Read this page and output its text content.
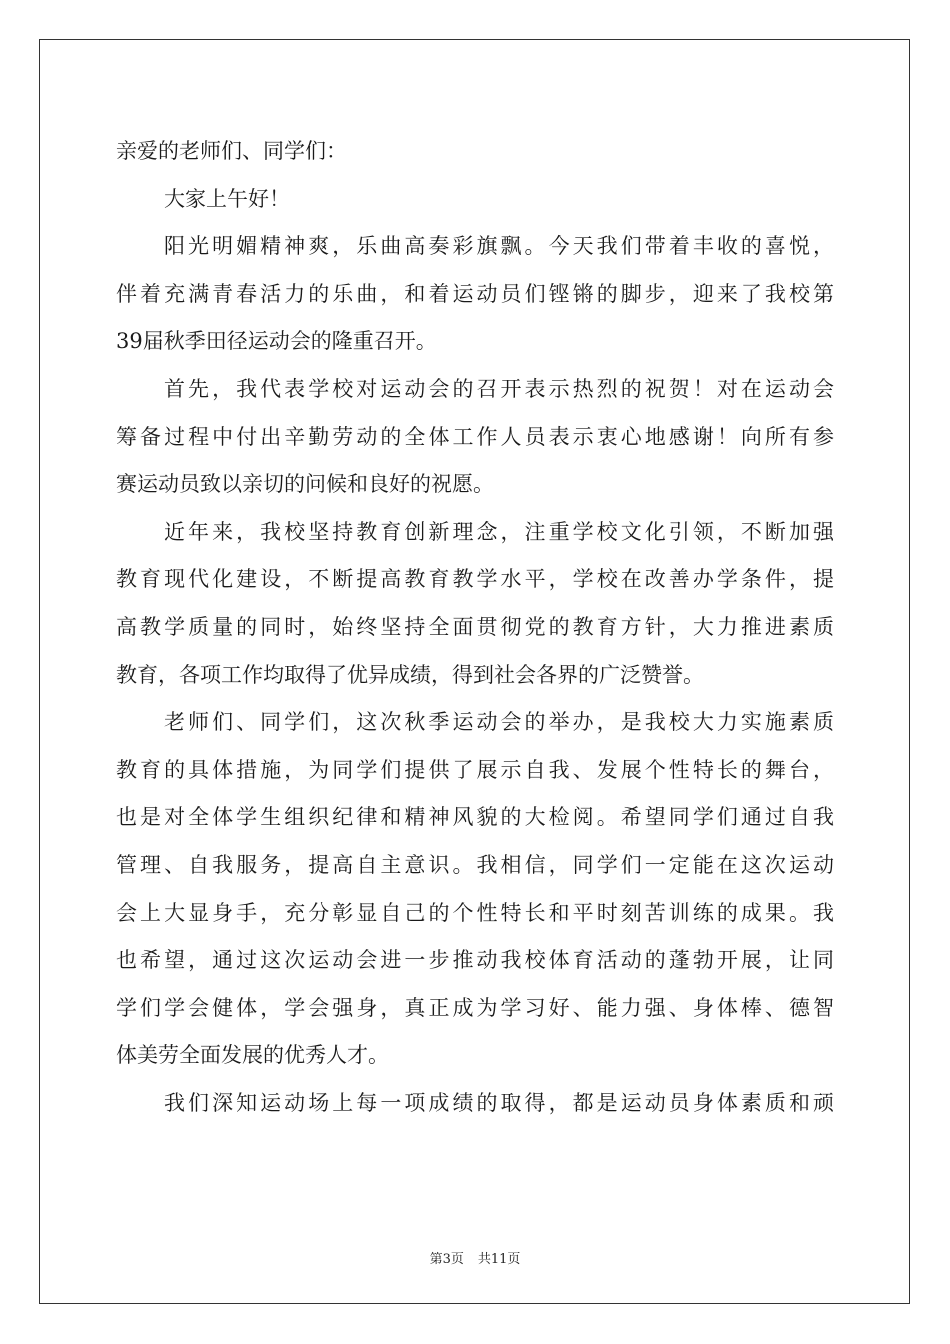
亲爱的老师们、同学们：
大家上午好！
阳光明媚精神爽，乐曲高奏彩旗飘。今天我们带着丰收的喜悦，
伴着充满青春活力的乐曲，和着运动员们铿锵的脚步，迎来了我校第
39届秋季田径运动会的隆重召开。
首先，我代表学校对运动会的召开表示热烈的祝贺！对在运动会
筹备过程中付出辛勤劳动的全体工作人员表示衷心地感谢！向所有参
赛运动员致以亲切的问候和良好的祝愿。
近年来，我校坚持教育创新理念，注重学校文化引领，不断加强
教育现代化建设，不断提高教育教学水平，学校在改善办学条件，提
高教学质量的同时，始终坚持全面贯彻党的教育方针，大力推进素质
教育，各项工作均取得了优异成绩，得到社会各界的广泛赞誉。
老师们、同学们，这次秋季运动会的举办，是我校大力实施素质
教育的具体措施，为同学们提供了展示自我、发展个性特长的舞台，
也是对全体学生组织纪律和精神风貌的大检阅。希望同学们通过自我
管理、自我服务，提高自主意识。我相信，同学们一定能在这次运动
会上大显身手，充分彰显自己的个性特长和平时刻苦训练的成果。我
也希望，通过这次运动会进一步推动我校体育活动的蓬勃开展，让同
学们学会健体，学会强身，真正成为学习好、能力强、身体棒、德智
体美劳全面发展的优秀人才。
我们深知运动场上每一项成绩的取得，都是运动员身体素质和顽
第3页 共11页
